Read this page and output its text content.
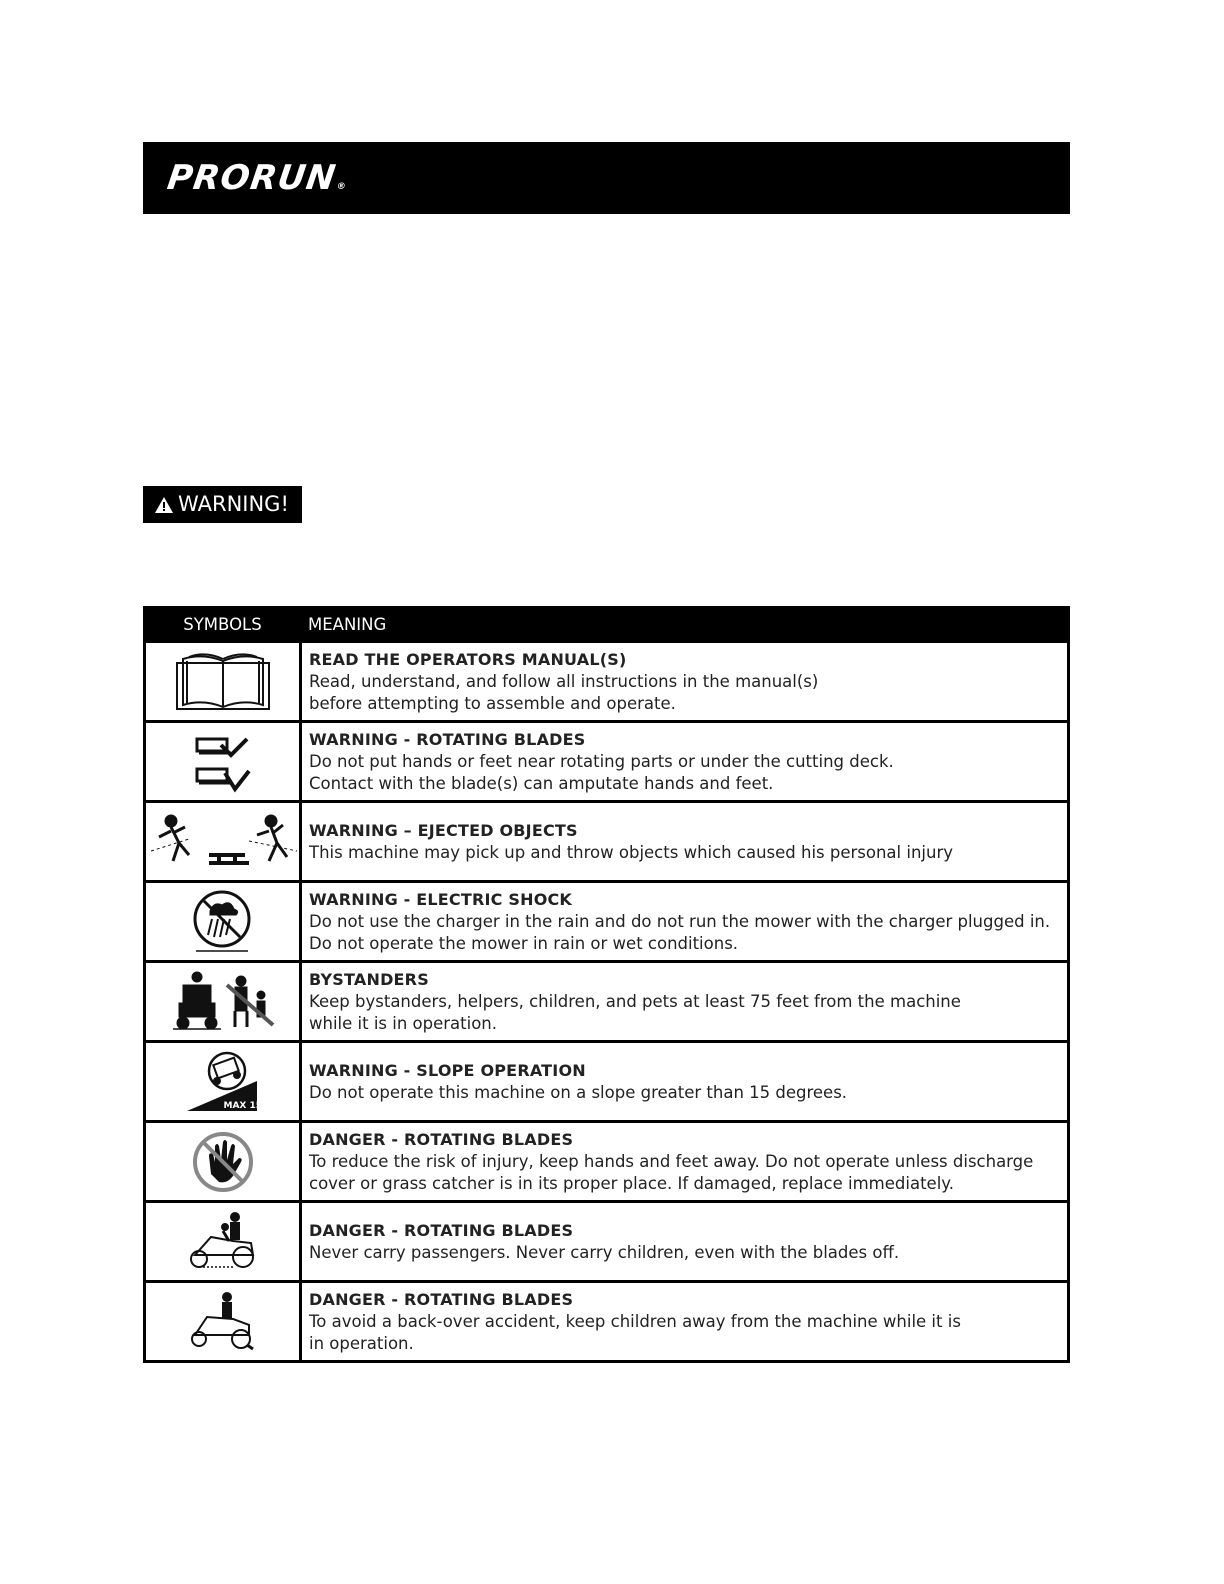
PRORUN®
WARNING!
SYMBOLS	MEANING

READ THE OPERATORS MANUAL(S)
Read, understand, and follow all instructions in the manual(s)
before attempting to assemble and operate.

WARNING - ROTATING BLADES
Do not put hands or feet near rotating parts or under the cutting deck.
Contact with the blade(s) can amputate hands and feet.

WARNING – EJECTED OBJECTS
This machine may pick up and throw objects which caused his personal injury

WARNING - ELECTRIC SHOCK
Do not use the charger in the rain and do not run the mower with the charger plugged in. Do not operate the mower in rain or wet conditions.

BYSTANDERS
Keep bystanders, helpers, children, and pets at least 75 feet from the machine
while it is in operation.

MAX 15°	WARNING - SLOPE OPERATION
Do not operate this machine on a slope greater than 15 degrees.

DANGER - ROTATING BLADES
To reduce the risk of injury, keep hands and feet away. Do not operate unless discharge cover or grass catcher is in its proper place. If damaged, replace immediately.

DANGER - ROTATING BLADES
Never carry passengers. Never carry children, even with the blades off.

DANGER - ROTATING BLADES
To avoid a back-over accident, keep children away from the machine while it is
in operation.
